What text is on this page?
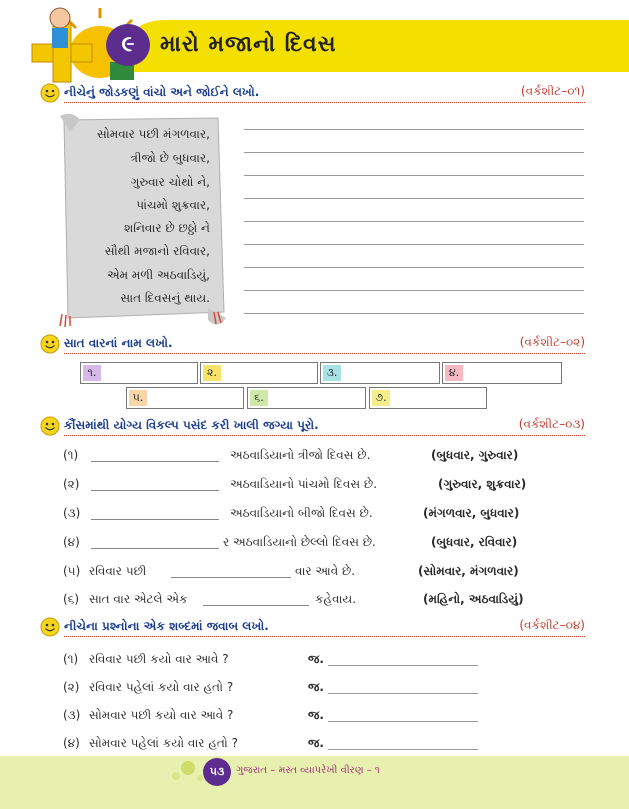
૯	મારો મજાનો દિવસ
નીચેનું જોડકણું વાંચો અને જોઈને લખો.	(વર્કશીટ–૦૧)
સોમવાર પછી મંગળવાર,
ત્રીજો છે બુધવાર,
ગુરુવાર ચોથો ને,
પાંચમો શુક્રવાર,
શનિવાર છે છઠ્ઠો ને
સૌથી મજાનો રવિવાર,
એમ મળી અઠવાડિયું,
સાત દિવસનું થાય.
સાત વારનાં નામ લખો.	(વર્કશીટ–૦૨)
૧.	૨.	૩.	૪.
૫.	૬.	૭.
કૌંસમાંથી યોગ્ય વિકલ્પ પસંદ કરી ખાલી જગ્યા પૂરો.	(વર્કશીટ–૦૩)
(૧)	અઠવાડિયાનો ત્રીજો દિવસ છે.	(બુધવાર, ગુરુવાર)
(૨)	અઠવાડિયાનો પાંચમો દિવસ છે.	(ગુરુવાર, શુક્રવાર)
(૩)	અઠવાડિયાનો બીજો દિવસ છે.	(મંગળવાર, બુધવાર)
(૪)	ર અઠવાડિયાનો છેલ્લો દિવસ છે.	(બુધવાર, રવિવાર)
(૫) રવિવાર પછી	વાર આવે છે.	(સોમવાર, મંગળવાર)
(૬) સાત વાર એટલે એક	કહેવાય.	(મહિનો, અઠવાડિયું)
નીચેના પ્રશ્નોના એક શબ્દમાં જવાબ લખો.	(વર્કશીટ–૦૪)
(૧) રવિવાર પછી કયો વાર આવે ?	જ.
(૨) રવિવાર પહેલાં કયો વાર હતો ?	જ.
(૩) સોમવાર પછી કયો વાર આવે ?	જ.
(૪) સોમવાર પહેલાં કયો વાર હતો ?	જ.
૫૩	ગુજરાત – મસ્ત વ્યાપરેખી વીરણ – ૧
